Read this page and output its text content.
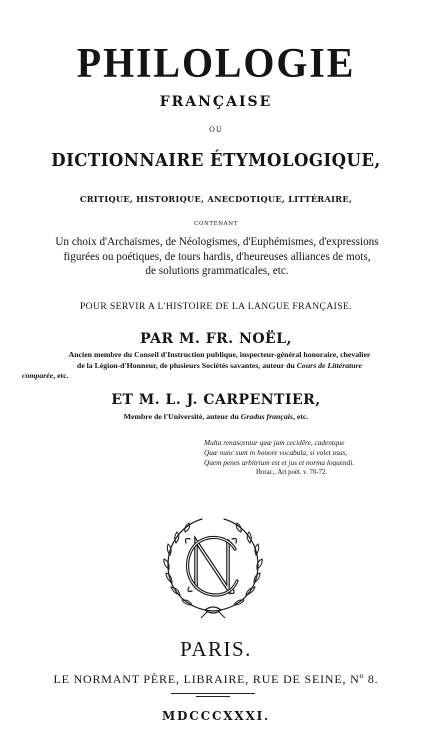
PHILOLOGIE
FRANÇAISE
OU
DICTIONNAIRE ÉTYMOLOGIQUE,
CRITIQUE, HISTORIQUE, ANECDOTIQUE, LITTÉRAIRE,
CONTENANT
Un choix d'Archaïsmes, de Néologismes, d'Euphémismes, d'expressions
figurées ou poétiques, de tours hardis, d'heureuses alliances de mots,
de solutions grammaticales, etc.
POUR SERVIR A L'HISTOIRE DE LA LANGUE FRANÇAISE.
PAR M. FR. NOËL,
Ancien membre du Conseil d'Instruction publique, inspecteur-général honoraire, chevalier
de la Légion-d'Honneur, de plusieurs Sociétés savantes, auteur du Cours de Littérature
comparée, etc.
ET M. L. J. CARPENTIER,
Membre de l'Université, auteur du Gradus français, etc.
Multa renascentur quæ jam cecidêre, cadentque
Quæ nunc sunt in honore vocabula, si volet usus,
Quem penes arbitrium est et jus et norma loquendi.
Horac., Art poët. v. 70-72.
PARIS.
LE NORMANT PÈRE, LIBRAIRE, RUE DE SEINE, Nº 8.
MDCCCXXXI.
